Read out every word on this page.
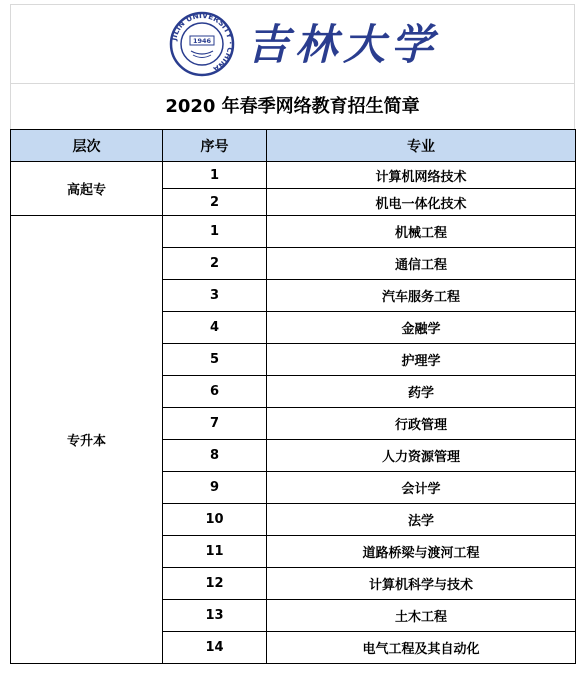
JILIN UNIVERSITY · CHINA
1946 吉林大学
2020 年春季网络教育招生简章
层次	序号	专业
高起专	1	计算机网络技术
	2	机电一体化技术
专升本	1	机械工程
	2	通信工程
	3	汽车服务工程
	4	金融学
	5	护理学
	6	药学
	7	行政管理
	8	人力资源管理
	9	会计学
	10	法学
	11	道路桥梁与渡河工程
	12	计算机科学与技术
	13	土木工程
	14	电气工程及其自动化
